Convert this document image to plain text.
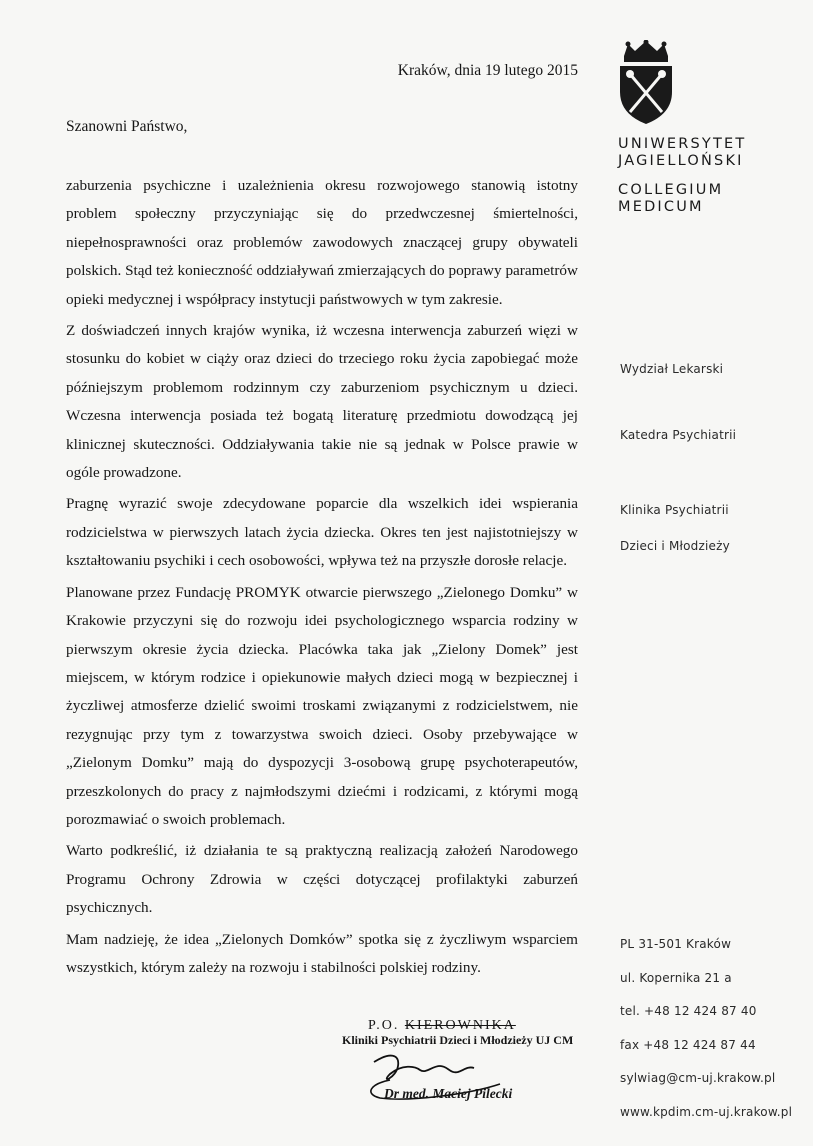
Kraków, dnia 19 lutego 2015
Szanowni Państwo,

zaburzenia psychiczne i uzależnienia okresu rozwojowego stanowią istotny problem społeczny przyczyniając się do przedwczesnej śmiertelności, niepełnosprawności oraz problemów zawodowych znaczącej grupy obywateli polskich. Stąd też konieczność oddziaływań zmierzających do poprawy parametrów opieki medycznej i współpracy instytucji państwowych w tym zakresie.

Z doświadczeń innych krajów wynika, iż wczesna interwencja zaburzeń więzi w stosunku do kobiet w ciąży oraz dzieci do trzeciego roku życia zapobiegać może późniejszym problemom rodzinnym czy zaburzeniom psychicznym u dzieci. Wczesna interwencja posiada też bogatą literaturę przedmiotu dowodzącą jej klinicznej skuteczności. Oddziaływania takie nie są jednak w Polsce prawie w ogóle prowadzone.

Pragnę wyrazić swoje zdecydowane poparcie dla wszelkich idei wspierania rodzicielstwa w pierwszych latach życia dziecka. Okres ten jest najistotniejszy w kształtowaniu psychiki i cech osobowości, wpływa też na przyszłe dorosłe relacje.

Planowane przez Fundację PROMYK otwarcie pierwszego „Zielonego Domku” w Krakowie przyczyni się do rozwoju idei psychologicznego wsparcia rodziny w pierwszym okresie życia dziecka. Placówka taka jak „Zielony Domek” jest miejscem, w którym rodzice i opiekunowie małych dzieci mogą w bezpiecznej i życzliwej atmosferze dzielić swoimi troskami związanymi z rodzicielstwem, nie rezygnując przy tym z towarzystwa swoich dzieci. Osoby przebywające w „Zielonym Domku” mają do dyspozycji 3-osobową grupę psychoterapeutów, przeszkolonych do pracy z najmłodszymi dziećmi i rodzicami, z którymi mogą porozmawiać o swoich problemach.

Warto podkreślić, iż działania te są praktyczną realizacją założeń Narodowego Programu Ochrony Zdrowia w części dotyczącej profilaktyki zaburzeń psychicznych.

Mam nadzieję, że idea „Zielonych Domków” spotka się z życzliwym wsparciem wszystkich, którym zależy na rozwoju i stabilności polskiej rodziny.

UNIWERSYTET
JAGIELLOŃSKI
COLLEGIUM
MEDICUM
Wydział Lekarski
Katedra Psychiatrii
Klinika Psychiatrii
Dzieci i Młodzieży
PL 31-501 Kraków
ul. Kopernika 21 a
tel. +48 12 424 87 40
fax +48 12 424 87 44
sylwiag@cm-uj.krakow.pl
www.kpdim.cm-uj.krakow.pl
P.O. KIEROWNIKA
Kliniki Psychiatrii Dzieci i Młodzieży UJ CM
Dr med. Maciej Pilecki
